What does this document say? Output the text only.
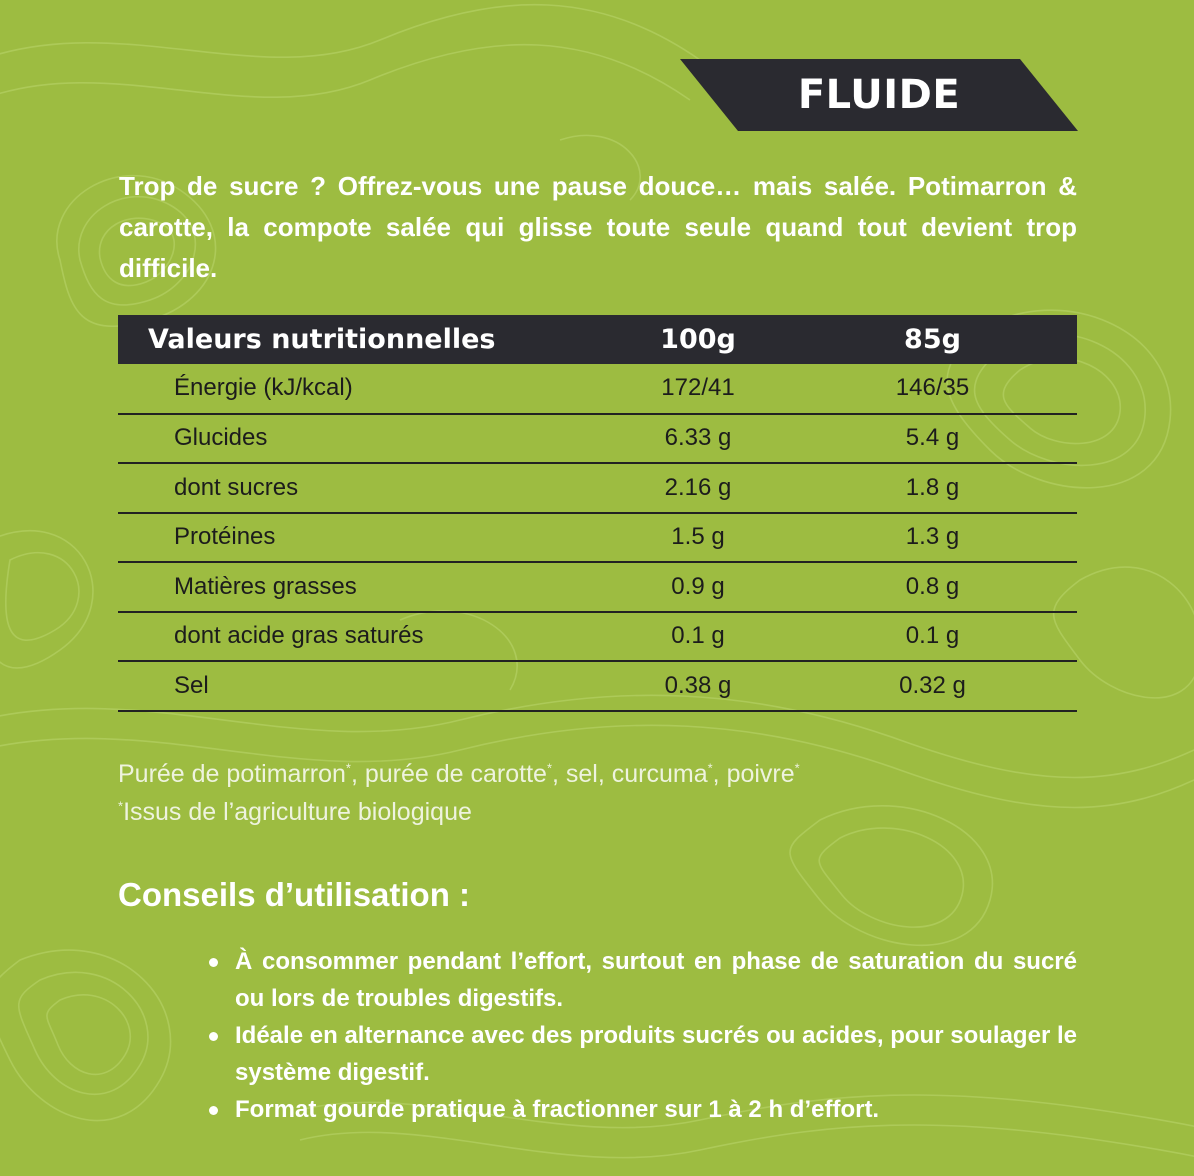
FLUIDE

Trop de sucre ? Offrez-vous une pause douce… mais salée. Potimarron & carotte, la compote salée qui glisse toute seule quand tout devient trop difficile.

Valeurs nutritionnelles	100g	85g
Énergie (kJ/kcal)	172/41	146/35
Glucides	6.33 g	5.4 g
dont sucres	2.16 g	1.8 g
Protéines	1.5 g	1.3 g
Matières grasses	0.9 g	0.8 g
dont acide gras saturés	0.1 g	0.1 g
Sel	0.38 g	0.32 g
Purée de potimarron*, purée de carotte*, sel, curcuma*, poivre*
*Issus de l’agriculture biologique
Conseils d’utilisation :
À consommer pendant l’effort, surtout en phase de saturation du sucré ou lors de troubles digestifs.
Idéale en alternance avec des produits sucrés ou acides, pour soulager le système digestif.
Format gourde pratique à fractionner sur 1 à 2 h d’effort.
